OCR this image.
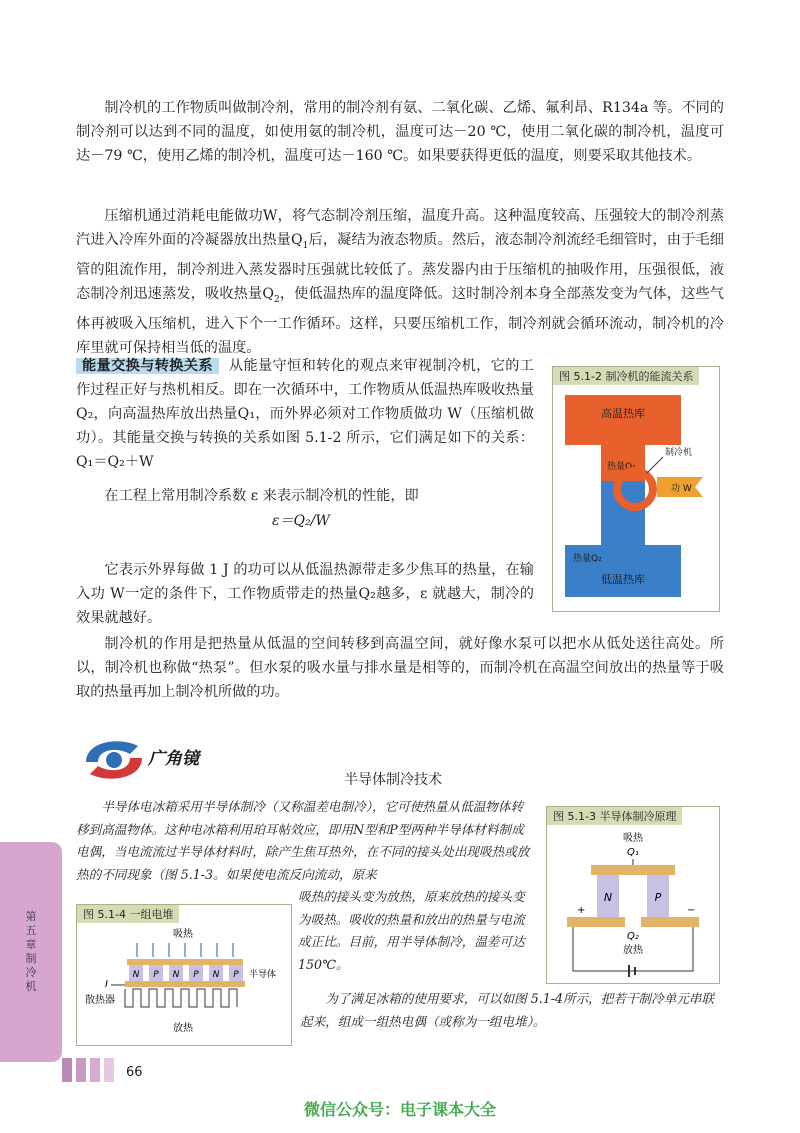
制冷机的工作物质叫做制冷剂，常用的制冷剂有氨、二氧化碳、乙烯、氟利昂、R134a 等。不同的制冷剂可以达到不同的温度，如使用氨的制冷机，温度可达－20 ℃，使用二氧化碳的制冷机，温度可达－79 ℃，使用乙烯的制冷机，温度可达－160 ℃。如果要获得更低的温度，则要采取其他技术。

压缩机通过消耗电能做功W，将气态制冷剂压缩，温度升高。这种温度较高、压强较大的制冷剂蒸汽进入冷库外面的冷凝器放出热量$Q_1$后，凝结为液态物质。然后，液态制冷剂流经毛细管时，由于毛细管的阻流作用，制冷剂进入蒸发器时压强就比较低了。蒸发器内由于压缩机的抽吸作用，压强很低，液态制冷剂迅速蒸发，吸收热量$Q_2$，使低温热库的温度降低。这时制冷剂本身全部蒸发变为气体，这些气体再被吸入压缩机，进入下个一工作循环。这样，只要压缩机工作，制冷剂就会循环流动，制冷机的冷库里就可保持相当低的温度。

能量交换与转换关系 从能量守恒和转化的观点来审视制冷机，它的工作过程正好与热机相反。即在一次循环中，工作物质从低温热库吸收热量Q₂，向高温热库放出热量Q₁，而外界必须对工作物质做功 W（压缩机做功）。其能量交换与转换的关系如图 5.1-2 所示，它们满足如下的关系：Q₁＝Q₂＋W

在工程上常用制冷系数 ε 来表示制冷机的性能，即

ε＝Q₂/W

它表示外界每做 1 J 的功可以从低温热源带走多少焦耳的热量，在输入功 W一定的条件下，工作物质带走的热量Q₂越多，ε 就越大，制冷的效果就越好。

制冷机的作用是把热量从低温的空间转移到高温空间，就好像水泵可以把水从低处送往高处。所以，制冷机也称做“热泵”。但水泵的吸水量与排水量是相等的，而制冷机在高温空间放出的热量等于吸取的热量再加上制冷机所做的功。

图 5.1-2 制冷机的能流关系
高温热库
热量Q₁
制冷机
功 W
热量Q₂
低温热库
广角镜
半导体制冷技术

半导体电冰箱采用半导体制冷（又称温差电制冷），它可使热量从低温物体转移到高温物体。这种电冰箱利用珀耳帖效应，即用N型和P型两种半导体材料制成电偶，当电流流过半导体材料时，除产生焦耳热外，在不同的接头处出现吸热或放热的不同现象（图 5.1-3。如果使电流反向流动，原来

吸热的接头变为放热，原来放热的接头变为吸热。吸收的热量和放出的热量与电流成正比。目前，用半导体制冷，温差可达 150℃。

为了满足冰箱的使用要求，可以如图 5.1-4所示，把若干制冷单元串联起来，组成一组热电偶（或称为一组电堆）。

图 5.1-3 半导体制冷原理
吸热
Q₁
N	P
+	−
Q₂
放热
图 5.1-4 一组电堆
吸热
N P N P N P 半导体
I
散热器
放热
第五章 制冷机
66
微信公众号：电子课本大全
